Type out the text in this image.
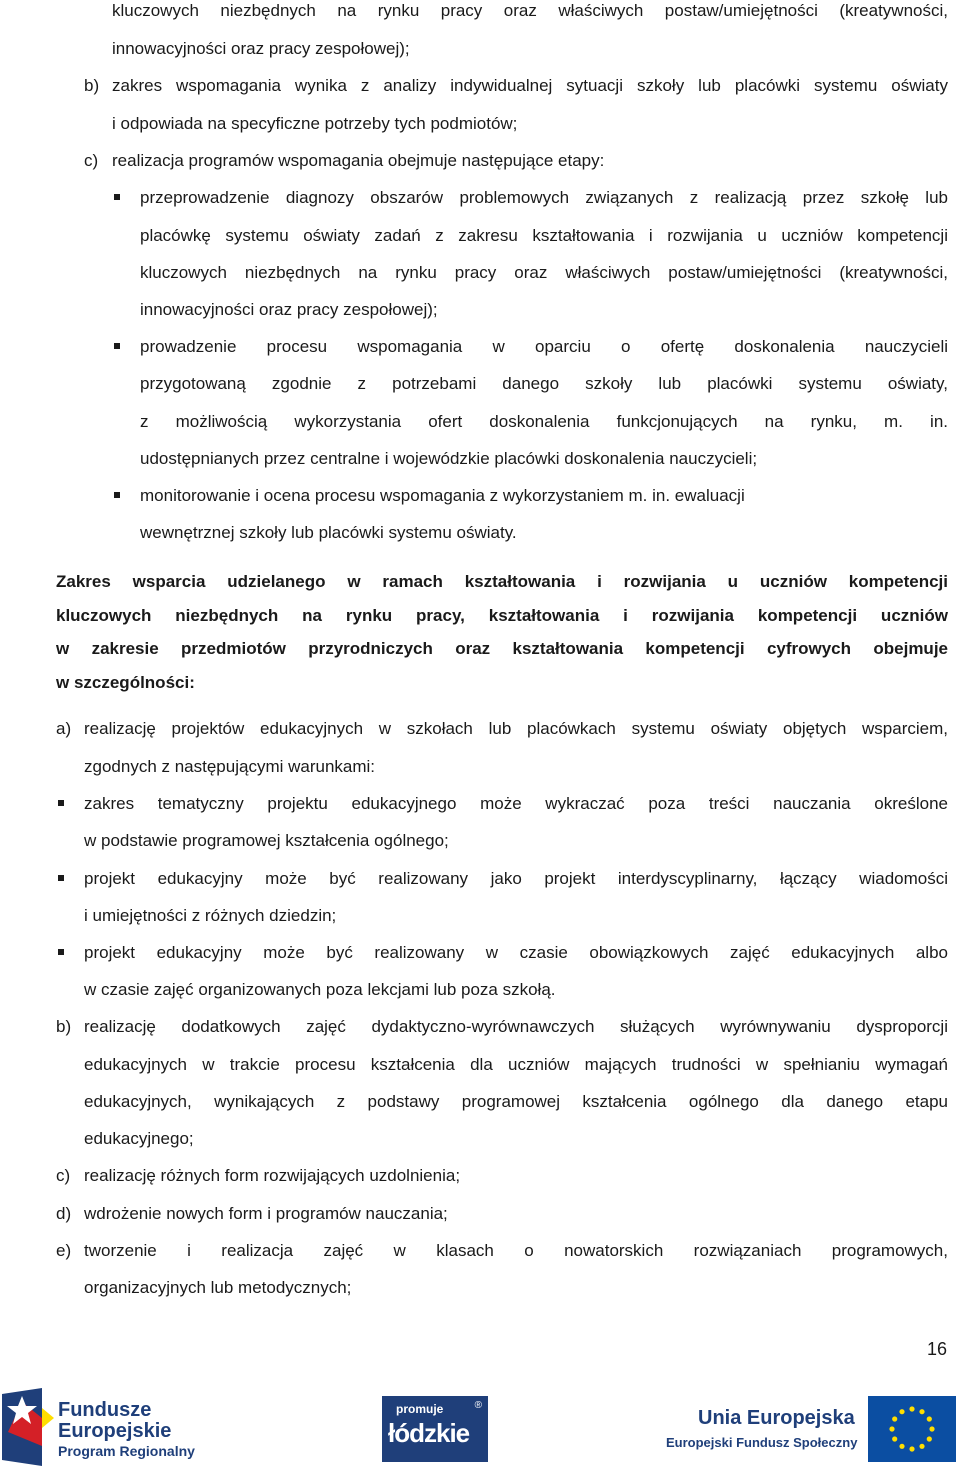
kluczowych niezbędnych na rynku pracy oraz właściwych postaw/umiejętności (kreatywności,
innowacyjności oraz pracy zespołowej);
b) zakres wspomagania wynika z analizy indywidualnej sytuacji szkoły lub placówki systemu oświaty
i odpowiada na specyficzne potrzeby tych podmiotów;
c) realizacja programów wspomagania obejmuje następujące etapy:
przeprowadzenie diagnozy obszarów problemowych związanych z realizacją przez szkołę lub
placówkę systemu oświaty zadań z zakresu kształtowania i rozwijania u uczniów kompetencji
kluczowych niezbędnych na rynku pracy oraz właściwych postaw/umiejętności (kreatywności,
innowacyjności oraz pracy zespołowej);
prowadzenie procesu wspomagania w oparciu o ofertę doskonalenia nauczycieli
przygotowaną zgodnie z potrzebami danego szkoły lub placówki systemu oświaty,
z możliwością wykorzystania ofert doskonalenia funkcjonujących na rynku, m. in.
udostępnianych przez centralne i wojewódzkie placówki doskonalenia nauczycieli;
monitorowanie i ocena procesu wspomagania z wykorzystaniem m. in. ewaluacji
wewnętrznej szkoły lub placówki systemu oświaty.
Zakres wsparcia udzielanego w ramach kształtowania i rozwijania u uczniów kompetencji
kluczowych niezbędnych na rynku pracy, kształtowania i rozwijania kompetencji uczniów
w zakresie przedmiotów przyrodniczych oraz kształtowania kompetencji cyfrowych obejmuje
w szczególności:
a) realizację projektów edukacyjnych w szkołach lub placówkach systemu oświaty objętych wsparciem,
zgodnych z następującymi warunkami:
zakres tematyczny projektu edukacyjnego może wykraczać poza treści nauczania określone
w podstawie programowej kształcenia ogólnego;
projekt edukacyjny może być realizowany jako projekt interdyscyplinarny, łączący wiadomości
i umiejętności z różnych dziedzin;
projekt edukacyjny może być realizowany w czasie obowiązkowych zajęć edukacyjnych albo
w czasie zajęć organizowanych poza lekcjami lub poza szkołą.
b) realizację dodatkowych zajęć dydaktyczno-wyrównawczych służących wyrównywaniu dysproporcji
edukacyjnych w trakcie procesu kształcenia dla uczniów mających trudności w spełnianiu wymagań
edukacyjnych, wynikających z podstawy programowej kształcenia ogólnego dla danego etapu
edukacyjnego;
c) realizację różnych form rozwijających uzdolnienia;
d) wdrożenie nowych form i programów nauczania;
e) tworzenie i realizacja zajęć w klasach o nowatorskich rozwiązaniach programowych,
organizacyjnych lub metodycznych;
16
Fundusze
Europejskie
Program Regionalny
promuje
łódzkie
®
Unia Europejska
Europejski Fundusz Społeczny
